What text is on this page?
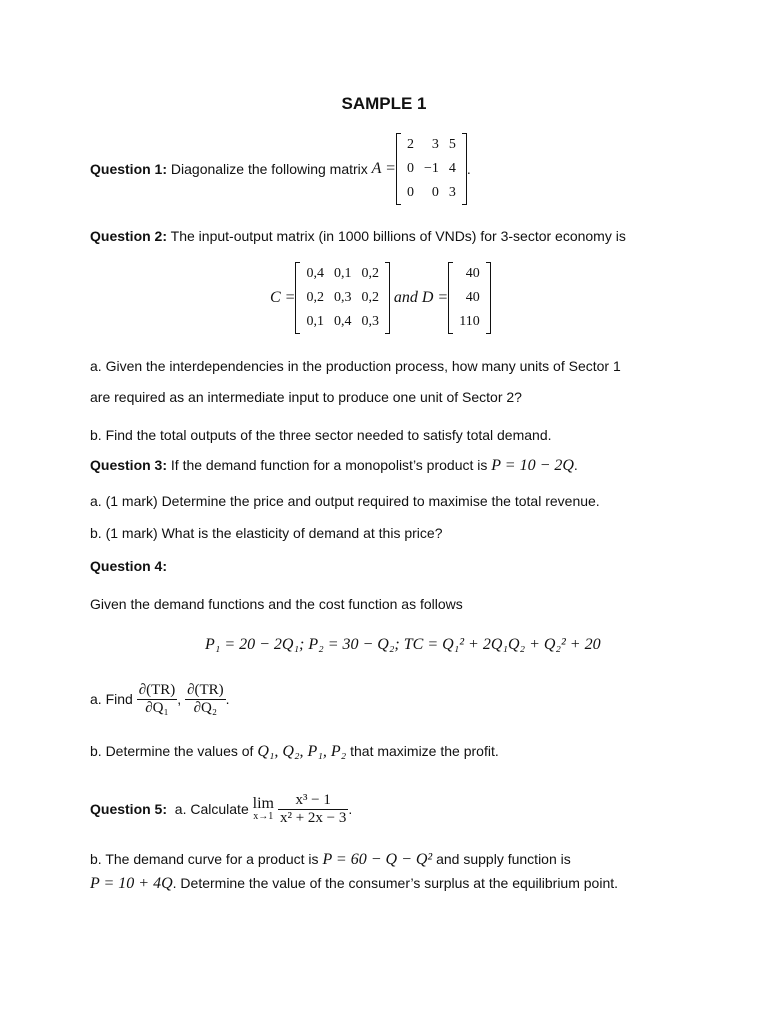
SAMPLE 1
Question 1:
Diagonalize the following matrix
A =
2	3	5
0	−1	4
0	0	3
.
Question 2: The input-output matrix (in 1000 billions of VNDs) for 3-sector economy is
C =
0,4	0,1	0,2
0,2	0,3	0,2
0,1	0,4	0,3

and D =
40
40
110
a. Given the interdependencies in the production process, how many units of Sector 1
are required as an intermediate input to produce one unit of Sector 2?
b. Find the total outputs of the three sector needed to satisfy total demand.
Question 3: If the demand function for a monopolist’s product is P = 10 − 2Q.
a. (1 mark) Determine the price and output required to maximise the total revenue.
b. (1 mark) What is the elasticity of demand at this price?
Question 4:
Given the demand functions and the cost function as follows
P₁ = 20 − 2Q₁; P₂ = 30 − Q₂; TC = Q₁² + 2Q₁Q₂ + Q₂² + 20
a. Find
$\frac{\partial(TR)}{\text{∂Q₁}}$ ,
$\frac{\partial(TR)}{\text{∂Q₂}}$ .
b. Determine the values of Q₁, Q₂, P₁, P₂ that maximize the profit.
Question 5:
a. Calculate
lim
$x\to 1 \frac{\text{x³ − 1}}{\text{x² + 2x − 3}}$ .
b. The demand curve for a product is P = 60 − Q − Q² and supply function is
P = 10 + 4Q. Determine the value of the consumer’s surplus at the equilibrium point.
